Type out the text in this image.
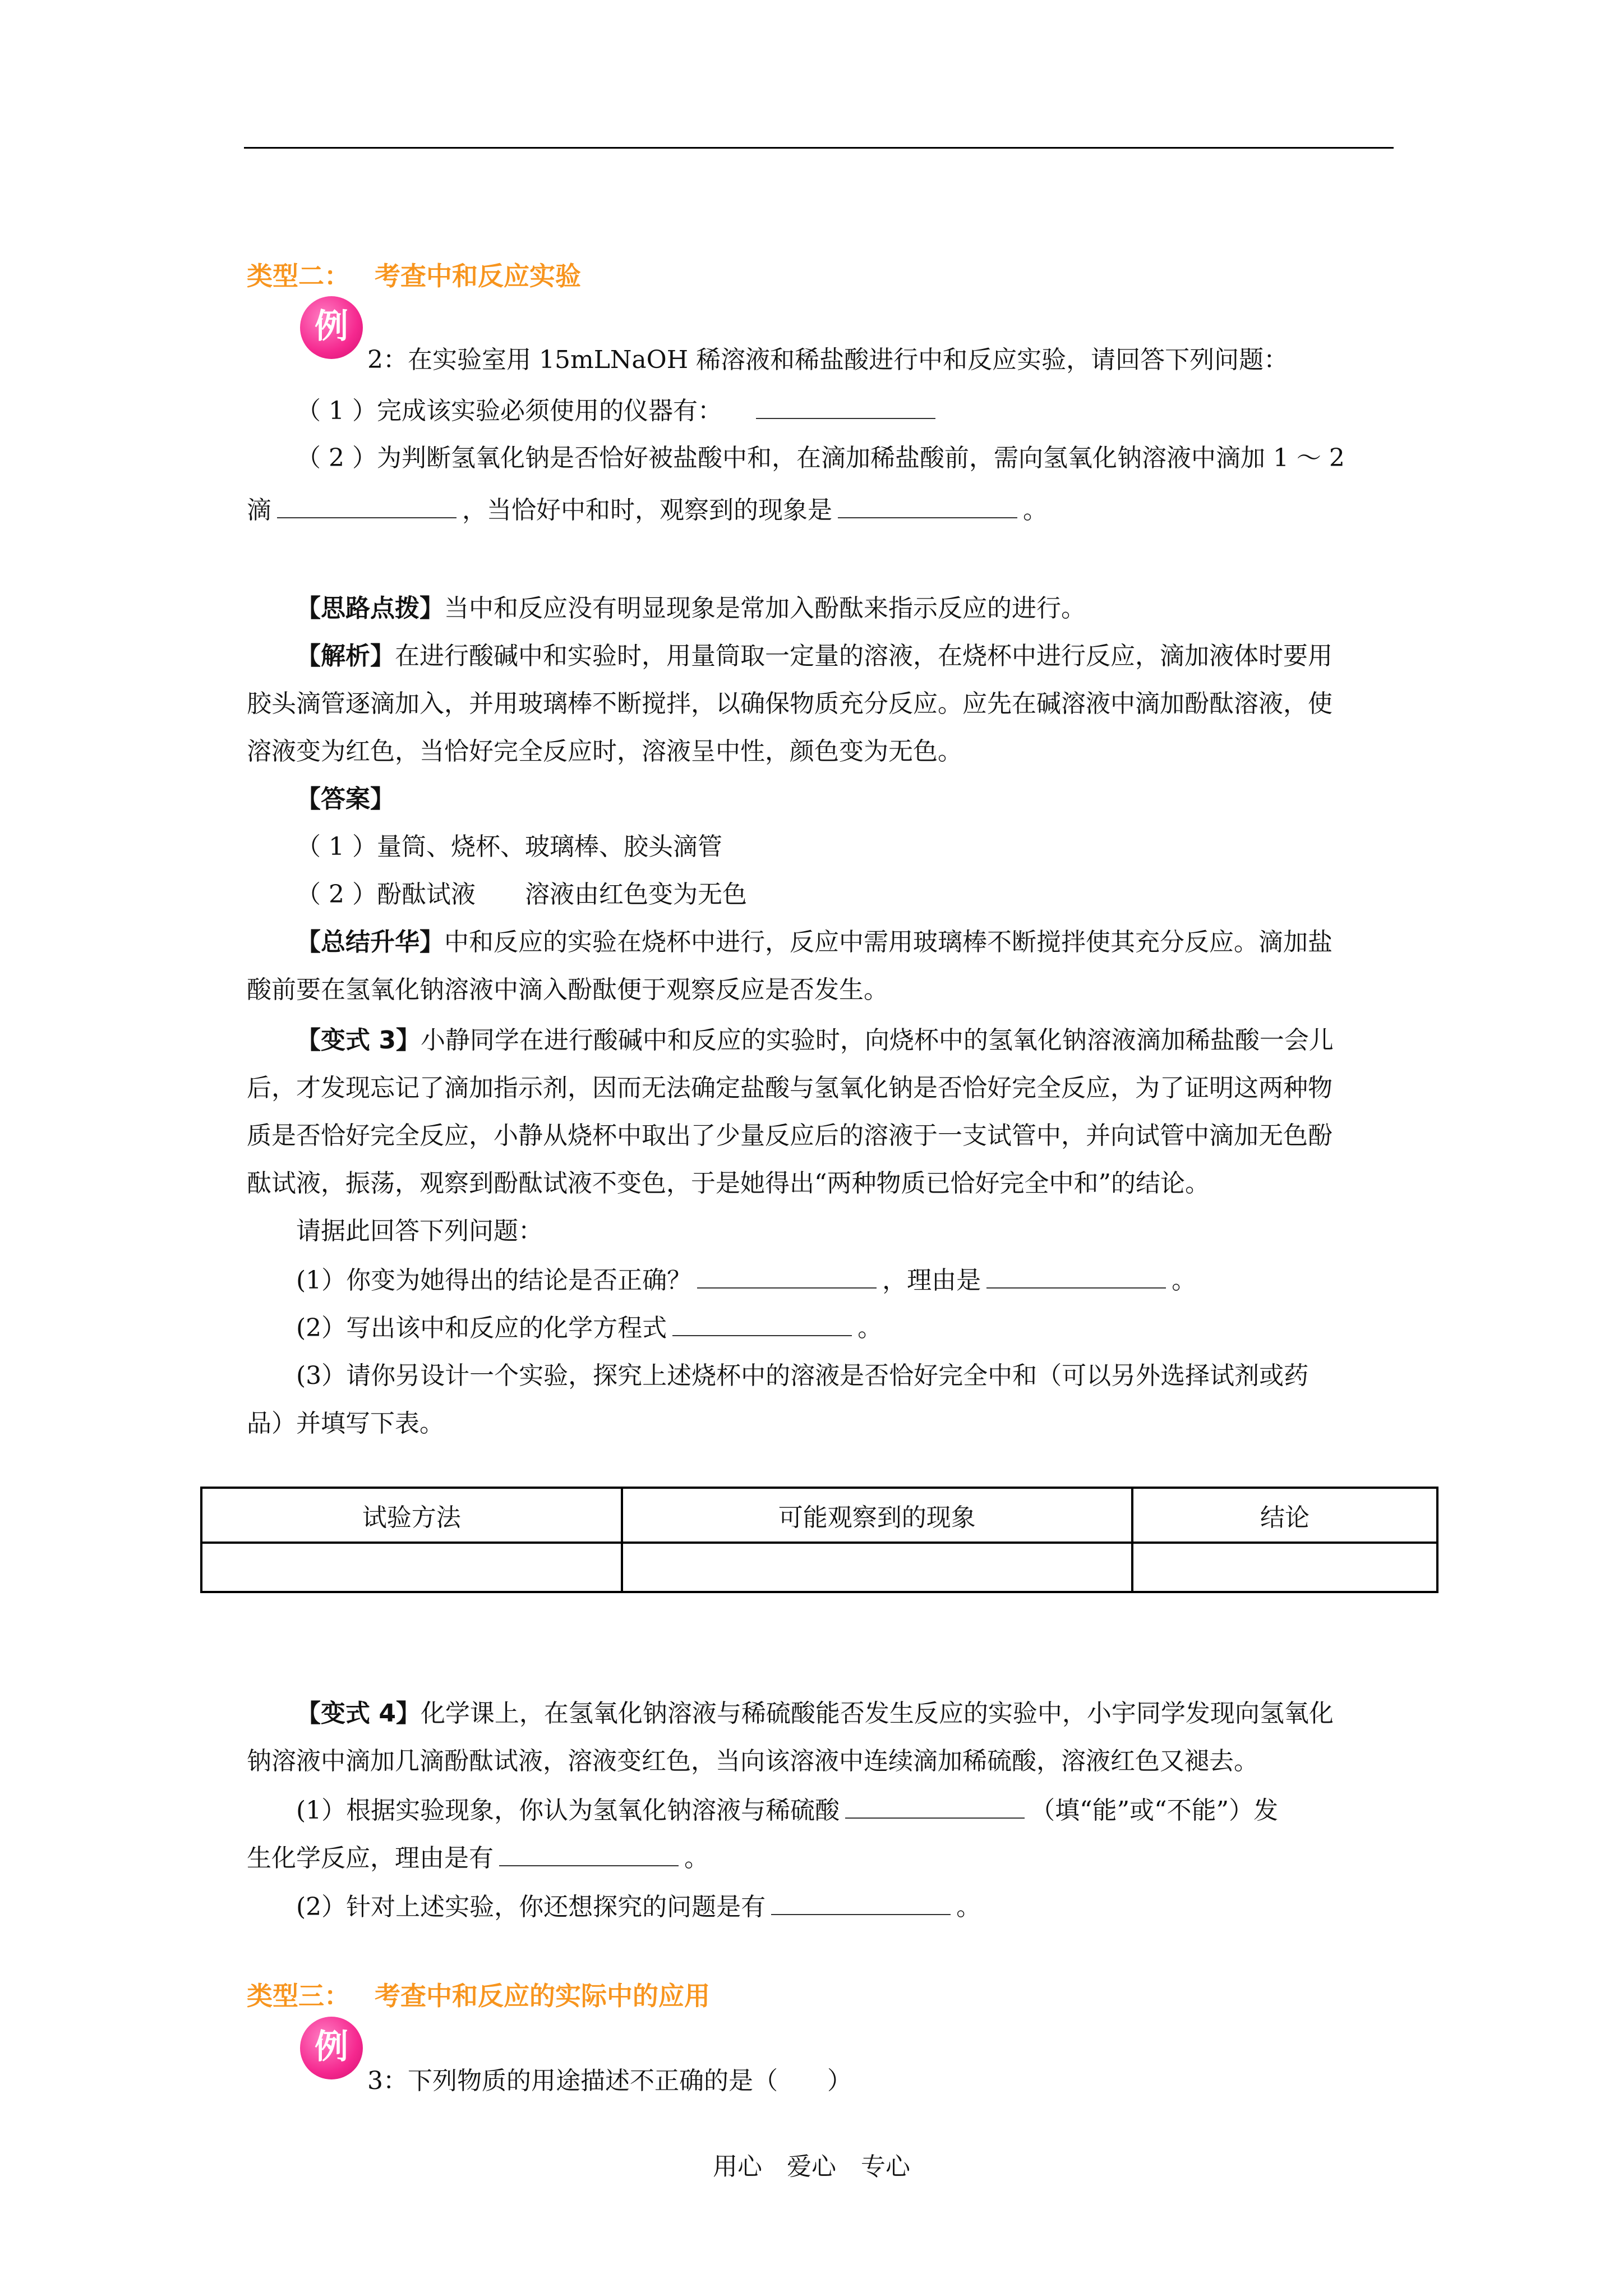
类型二： 考查中和反应实验
例
2：在实验室用 15mLNaOH 稀溶液和稀盐酸进行中和反应实验，请回答下列问题：
（ 1 ）完成该实验必须使用的仪器有：
（ 2 ）为判断氢氧化钠是否恰好被盐酸中和，在滴加稀盐酸前，需向氢氧化钠溶液中滴加 1 ～ 2
滴	，当恰好中和时，观察到的现象是	。
【思路点拨】当中和反应没有明显现象是常加入酚酞来指示反应的进行。
【解析】在进行酸碱中和实验时，用量筒取一定量的溶液，在烧杯中进行反应，滴加液体时要用
胶头滴管逐滴加入，并用玻璃棒不断搅拌，以确保物质充分反应。应先在碱溶液中滴加酚酞溶液，使
溶液变为红色，当恰好完全反应时，溶液呈中性，颜色变为无色。
【答案】
（ 1 ）量筒、烧杯、玻璃棒、胶头滴管
（ 2 ）酚酞试液　　溶液由红色变为无色
【总结升华】中和反应的实验在烧杯中进行，反应中需用玻璃棒不断搅拌使其充分反应。滴加盐
酸前要在氢氧化钠溶液中滴入酚酞便于观察反应是否发生。
【变式 3】小静同学在进行酸碱中和反应的实验时，向烧杯中的氢氧化钠溶液滴加稀盐酸一会儿
后，才发现忘记了滴加指示剂，因而无法确定盐酸与氢氧化钠是否恰好完全反应，为了证明这两种物
质是否恰好完全反应，小静从烧杯中取出了少量反应后的溶液于一支试管中，并向试管中滴加无色酚
酞试液，振荡，观察到酚酞试液不变色，于是她得出“两种物质已恰好完全中和”的结论。
请据此回答下列问题：
(1）你变为她得出的结论是否正确？	，理由是	。
(2）写出该中和反应的化学方程式	。
(3）请你另设计一个实验，探究上述烧杯中的溶液是否恰好完全中和（可以另外选择试剂或药
品）并填写下表。
试验方法	可能观察到的现象	结论

【变式 4】化学课上，在氢氧化钠溶液与稀硫酸能否发生反应的实验中，小宇同学发现向氢氧化
钠溶液中滴加几滴酚酞试液，溶液变红色，当向该溶液中连续滴加稀硫酸，溶液红色又褪去。
(1）根据实验现象，你认为氢氧化钠溶液与稀硫酸	（填“能”或“不能”）发
生化学反应，理由是有	。
(2）针对上述实验，你还想探究的问题是有	。
类型三： 考查中和反应的实际中的应用
例
3：下列物质的用途描述不正确的是（　　）
用心　爱心　专心
